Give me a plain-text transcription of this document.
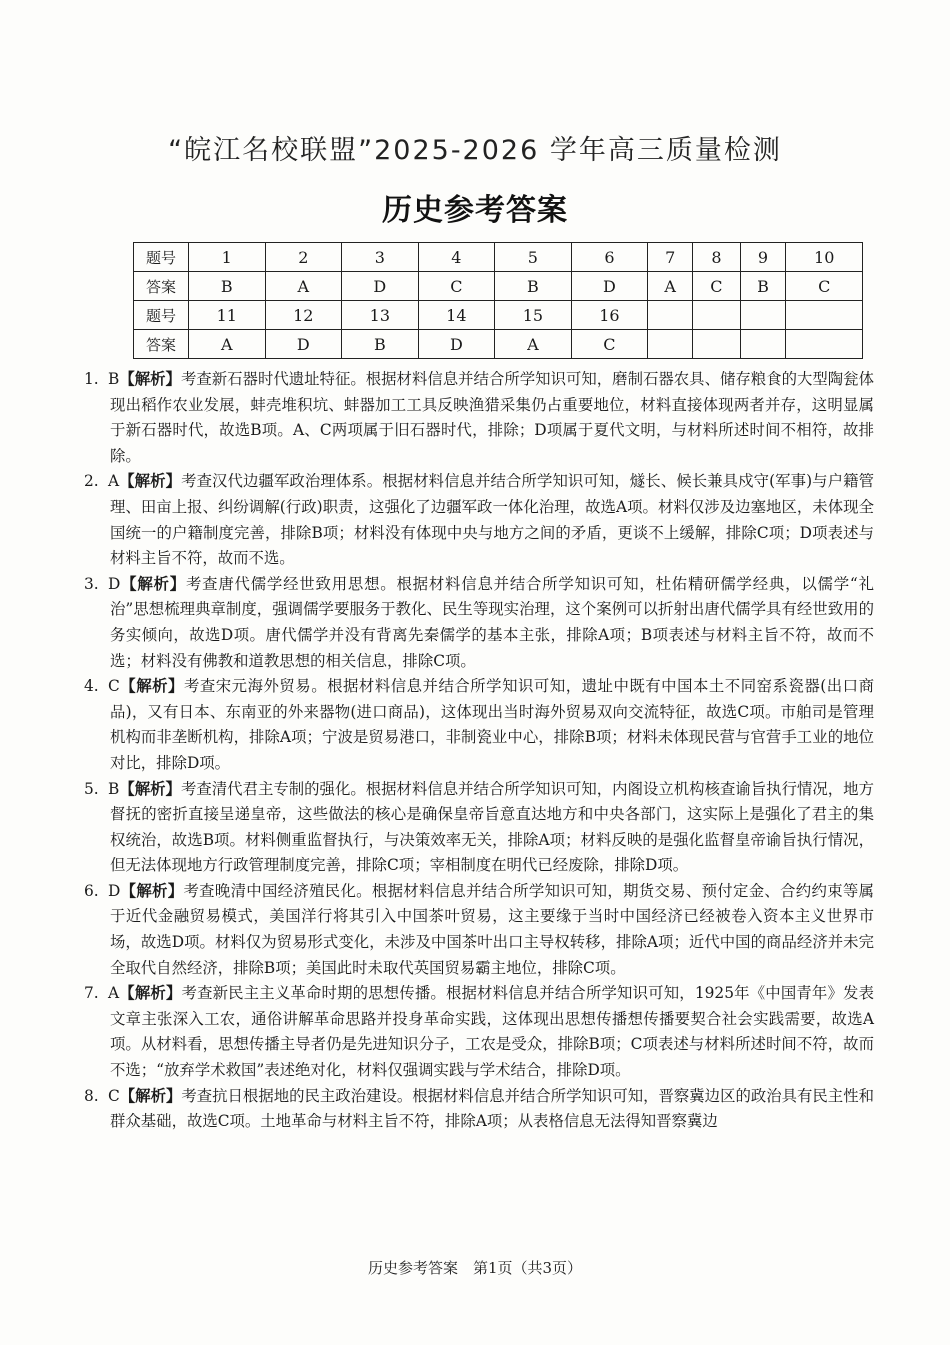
“皖江名校联盟”2025-2026 学年高三质量检测
历史参考答案
题号	1	2	3	4	5	6	7	8	9	10
答案	B	A	D	C	B	D	A	C	B	C
题号	11	12	13	14	15	16				
答案	A	D	B	D	A	C				

1. B【解析】考查新石器时代遗址特征。根据材料信息并结合所学知识可知，磨制石器农具、储存粮食的大型陶瓮体现出稻作农业发展，蚌壳堆积坑、蚌器加工工具反映渔猎采集仍占重要地位，材料直接体现两者并存，这明显属于新石器时代，故选B项。A、C两项属于旧石器时代，排除；D项属于夏代文明，与材料所述时间不相符，故排除。

2. A【解析】考查汉代边疆军政治理体系。根据材料信息并结合所学知识可知，燧长、候长兼具戍守(军事)与户籍管理、田亩上报、纠纷调解(行政)职责，这强化了边疆军政一体化治理，故选A项。材料仅涉及边塞地区，未体现全国统一的户籍制度完善，排除B项；材料没有体现中央与地方之间的矛盾，更谈不上缓解，排除C项；D项表述与材料主旨不符，故而不选。

3. D【解析】考查唐代儒学经世致用思想。根据材料信息并结合所学知识可知，杜佑精研儒学经典，以儒学“礼治”思想梳理典章制度，强调儒学要服务于教化、民生等现实治理，这个案例可以折射出唐代儒学具有经世致用的务实倾向，故选D项。唐代儒学并没有背离先秦儒学的基本主张，排除A项；B项表述与材料主旨不符，故而不选；材料没有佛教和道教思想的相关信息，排除C项。

4. C【解析】考查宋元海外贸易。根据材料信息并结合所学知识可知，遗址中既有中国本土不同窑系瓷器(出口商品)，又有日本、东南亚的外来器物(进口商品)，这体现出当时海外贸易双向交流特征，故选C项。市舶司是管理机构而非垄断机构，排除A项；宁波是贸易港口，非制瓷业中心，排除B项；材料未体现民营与官营手工业的地位对比，排除D项。

5. B【解析】考查清代君主专制的强化。根据材料信息并结合所学知识可知，内阁设立机构核查谕旨执行情况，地方督抚的密折直接呈递皇帝，这些做法的核心是确保皇帝旨意直达地方和中央各部门，这实际上是强化了君主的集权统治，故选B项。材料侧重监督执行，与决策效率无关，排除A项；材料反映的是强化监督皇帝谕旨执行情况，但无法体现地方行政管理制度完善，排除C项；宰相制度在明代已经废除，排除D项。

6. D【解析】考查晚清中国经济殖民化。根据材料信息并结合所学知识可知，期货交易、预付定金、合约约束等属于近代金融贸易模式，美国洋行将其引入中国茶叶贸易，这主要缘于当时中国经济已经被卷入资本主义世界市场，故选D项。材料仅为贸易形式变化，未涉及中国茶叶出口主导权转移，排除A项；近代中国的商品经济并未完全取代自然经济，排除B项；美国此时未取代英国贸易霸主地位，排除C项。

7. A【解析】考查新民主主义革命时期的思想传播。根据材料信息并结合所学知识可知，1925年《中国青年》发表文章主张深入工农，通俗讲解革命思路并投身革命实践，这体现出思想传播想传播要契合社会实践需要，故选A项。从材料看，思想传播主导者仍是先进知识分子，工农是受众，排除B项；C项表述与材料所述时间不符，故而不选；“放弃学术救国”表述绝对化，材料仅强调实践与学术结合，排除D项。

8. C【解析】考查抗日根据地的民主政治建设。根据材料信息并结合所学知识可知，晋察冀边区的政治具有民主性和群众基础，故选C项。土地革命与材料主旨不符，排除A项；从表格信息无法得知晋察冀边

历史参考答案　第1页（共3页）
